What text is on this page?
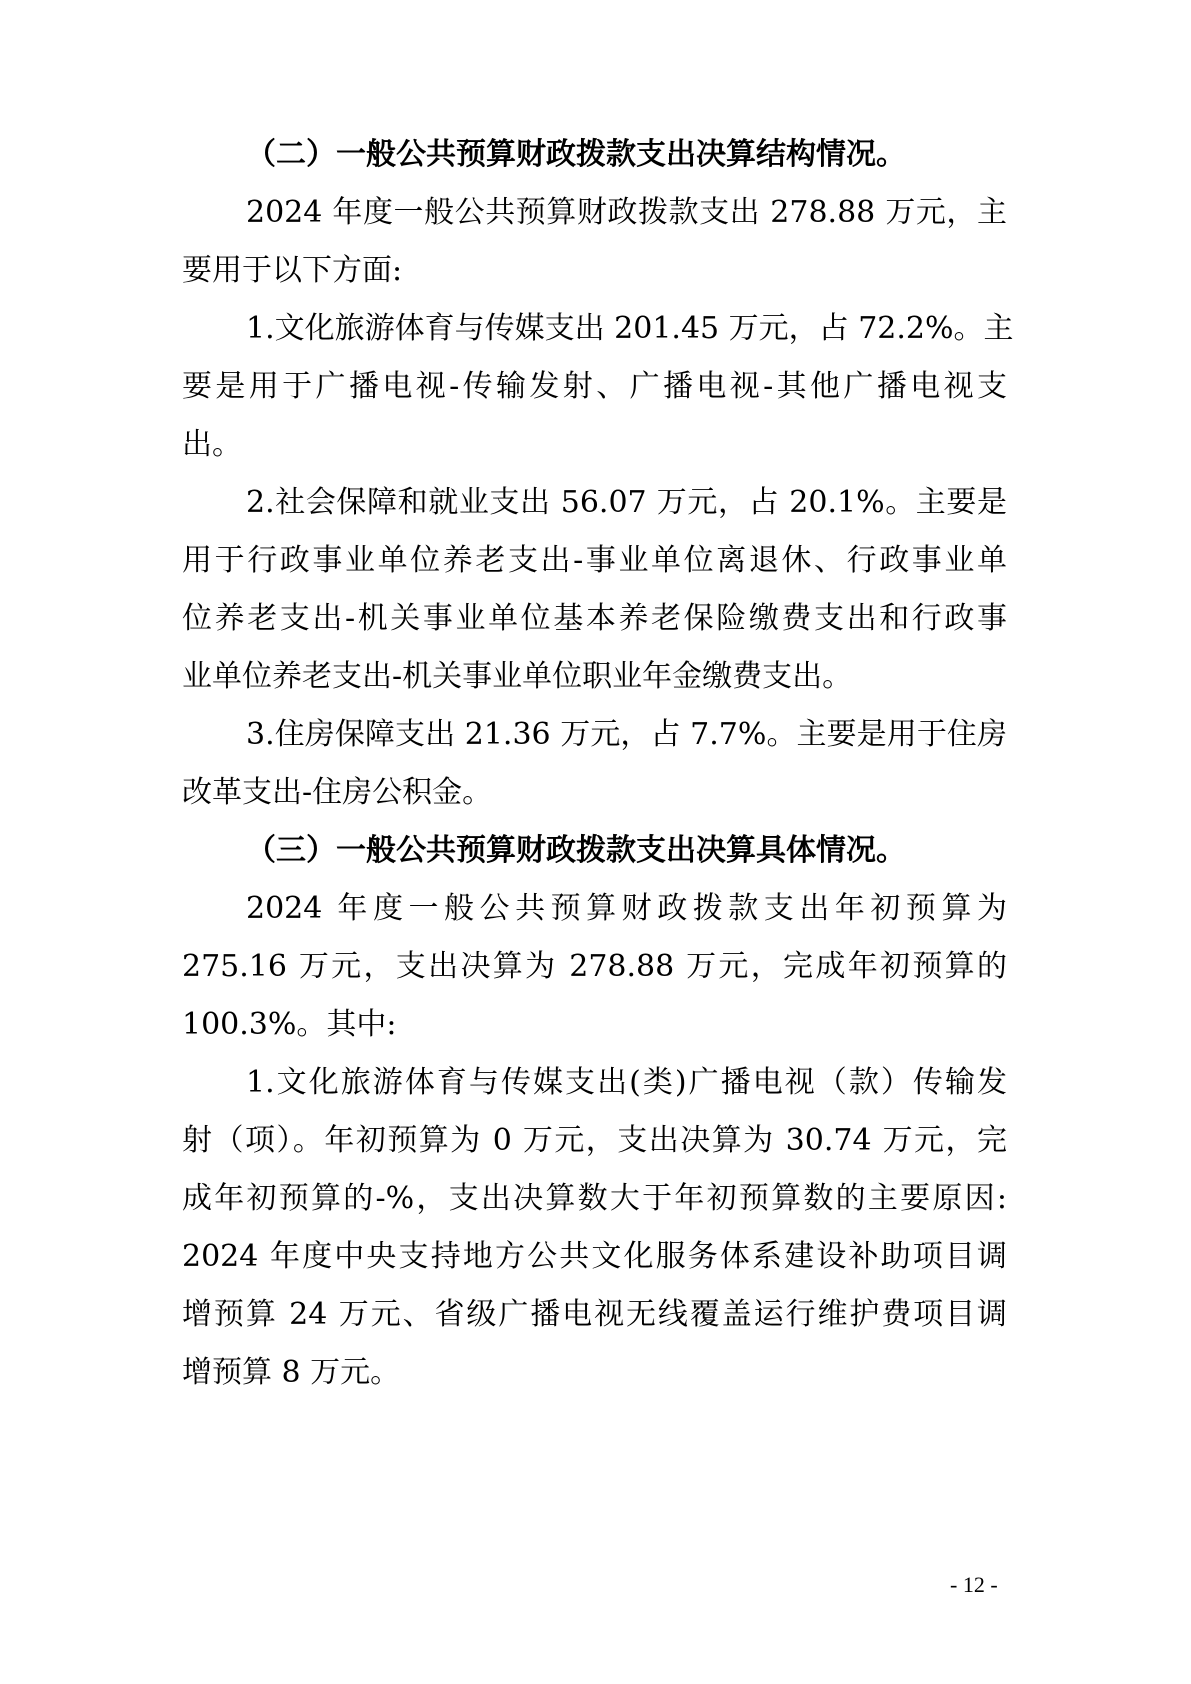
（二）一般公共预算财政拨款支出决算结构情况。
2024 年度一般公共预算财政拨款支出 278.88 万元，主
要用于以下方面:
1.文化旅游体育与传媒支出 201.45 万元，占 72.2%。主
要是用于广播电视-传输发射、广播电视-其他广播电视支
出。
2.社会保障和就业支出 56.07 万元，占 20.1%。主要是
用于行政事业单位养老支出-事业单位离退休、行政事业单
位养老支出-机关事业单位基本养老保险缴费支出和行政事
业单位养老支出-机关事业单位职业年金缴费支出。
3.住房保障支出 21.36 万元，占 7.7%。主要是用于住房
改革支出-住房公积金。
（三）一般公共预算财政拨款支出决算具体情况。
2024 年度一般公共预算财政拨款支出年初预算为
275.16 万元，支出决算为 278.88 万元，完成年初预算的
100.3%。其中:
1.文化旅游体育与传媒支出(类)广播电视（款）传输发
射（项）。年初预算为 0 万元，支出决算为 30.74 万元，完
成年初预算的-%，支出决算数大于年初预算数的主要原因:
2024 年度中央支持地方公共文化服务体系建设补助项目调
增预算 24 万元、省级广播电视无线覆盖运行维护费项目调
增预算 8 万元。
- 12 -
